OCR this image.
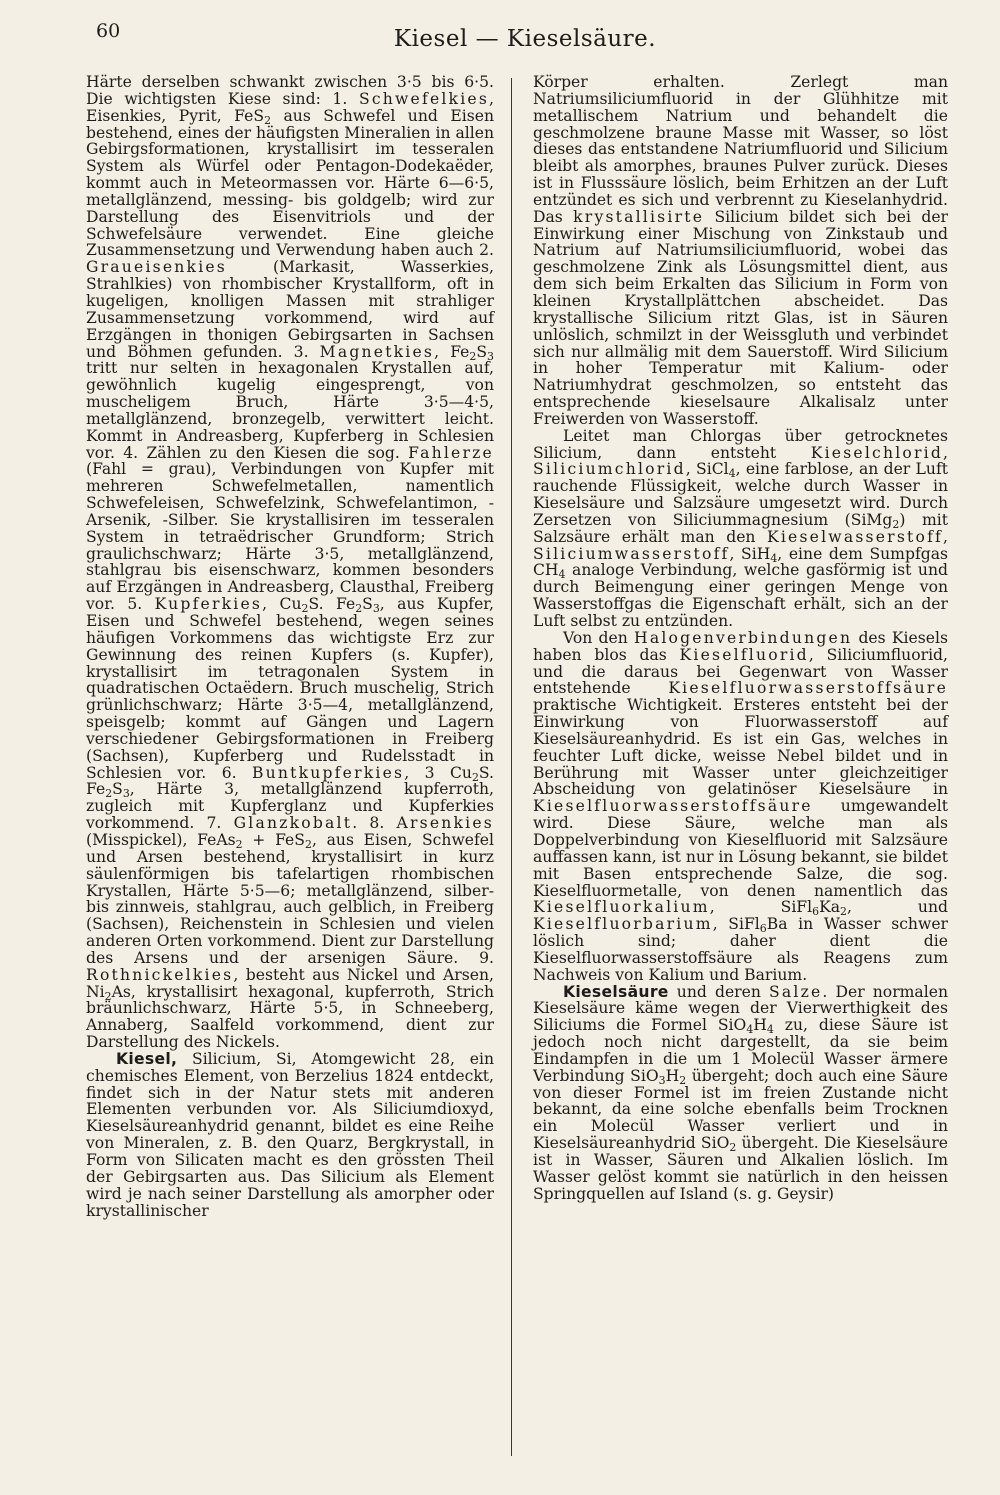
60	Kiesel — Kieselsäure.

Härte derselben schwankt zwischen 3·5 bis 6·5. Die wichtigsten Kiese sind: 1. Schwefelkies, Eisenkies, Pyrit, FeS$_2$ aus Schwefel und Eisen bestehend, eines der häufigsten Mineralien in allen Gebirgsformationen, krystallisirt im tesseralen System als Würfel oder Pentagon-Dodekaëder, kommt auch in Meteormassen vor. Härte 6—6·5, metallglänzend, messing- bis goldgelb; wird zur Darstellung des Eisenvitriols und der Schwefelsäure verwendet. Eine gleiche Zusammensetzung und Verwendung haben auch 2. Graueisenkies (Markasit, Wasserkies, Strahlkies) von rhombischer Krystallform, oft in kugeligen, knolligen Massen mit strahliger Zusammensetzung vorkommend, wird auf Erzgängen in thonigen Gebirgsarten in Sachsen und Böhmen gefunden. 3. Magnetkies, $Fe_2S_3$ tritt nur selten in hexagonalen Krystallen auf, gewöhnlich kugelig eingesprengt, von muscheligem Bruch, Härte 3·5—4·5, metallglänzend, bronzegelb, verwittert leicht. Kommt in Andreasberg, Kupferberg in Schlesien vor. 4. Zählen zu den Kiesen die sog. Fahlerze (Fahl = grau), Verbindungen von Kupfer mit mehreren Schwefelmetallen, namentlich Schwefeleisen, Schwefelzink, Schwefelantimon, -Arsenik, -Silber. Sie krystallisiren im tesseralen System in tetraëdrischer Grundform; Strich graulichschwarz; Härte 3·5, metallglänzend, stahlgrau bis eisenschwarz, kommen besonders auf Erzgängen in Andreasberg, Clausthal, Freiberg vor. 5. Kupferkies, $Cu_2S$. $Fe_2S_3$, aus Kupfer, Eisen und Schwefel bestehend, wegen seines häufigen Vorkommens das wichtigste Erz zur Gewinnung des reinen Kupfers (s. Kupfer), krystallisirt im tetragonalen System in quadratischen Octaëdern. Bruch muschelig, Strich grünlichschwarz; Härte 3·5—4, metallglänzend, speisgelb; kommt auf Gängen und Lagern verschiedener Gebirgsformationen in Freiberg (Sachsen), Kupferberg und Rudelsstadt in Schlesien vor. 6. Buntkupferkies, 3 $Cu_2S$. $Fe_2S_3$, Härte 3, metallglänzend kupferroth, zugleich mit Kupferglanz und Kupferkies vorkommend. 7. Glanzkobalt. 8. Arsenkies (Misspickel), FeAs$_2$ + FeS$_2$, aus Eisen, Schwefel und Arsen bestehend, krystallisirt in kurz säulenförmigen bis tafelartigen rhombischen Krystallen, Härte 5·5—6; metallglänzend, silber- bis zinnweis, stahlgrau, auch gelblich, in Freiberg (Sachsen), Reichenstein in Schlesien und vielen anderen Orten vorkommend. Dient zur Darstellung des Arsens und der arsenigen Säure. 9. Rothnickelkies, besteht aus Nickel und Arsen, $Ni_2As$, krystallisirt hexagonal, kupferroth, Strich bräunlichschwarz, Härte 5·5, in Schneeberg, Annaberg, Saalfeld vorkommend, dient zur Darstellung des Nickels.

Kiesel, Silicium, Si, Atomgewicht 28, ein chemisches Element, von Berzelius 1824 entdeckt, findet sich in der Natur stets mit anderen Elementen verbunden vor. Als Siliciumdioxyd, Kieselsäureanhydrid genannt, bildet es eine Reihe von Mineralen, z. B. den Quarz, Bergkrystall, in Form von Silicaten macht es den grössten Theil der Gebirgsarten aus. Das Silicium als Element wird je nach seiner Darstellung als amorpher oder krystallinischer

Körper erhalten. Zerlegt man Natriumsiliciumfluorid in der Glühhitze mit metallischem Natrium und behandelt die geschmolzene braune Masse mit Wasser, so löst dieses das entstandene Natriumfluorid und Silicium bleibt als amorphes, braunes Pulver zurück. Dieses ist in Flusssäure löslich, beim Erhitzen an der Luft entzündet es sich und verbrennt zu Kieselanhydrid. Das krystallisirte Silicium bildet sich bei der Einwirkung einer Mischung von Zinkstaub und Natrium auf Natriumsiliciumfluorid, wobei das geschmolzene Zink als Lösungsmittel dient, aus dem sich beim Erkalten das Silicium in Form von kleinen Krystallplättchen abscheidet. Das krystallische Silicium ritzt Glas, ist in Säuren unlöslich, schmilzt in der Weissgluth und verbindet sich nur allmälig mit dem Sauerstoff. Wird Silicium in hoher Temperatur mit Kalium- oder Natriumhydrat geschmolzen, so entsteht das entsprechende kieselsaure Alkalisalz unter Freiwerden von Wasserstoff.

Leitet man Chlorgas über getrocknetes Silicium, dann entsteht Kieselchlorid, Siliciumchlorid, SiCl$_4$, eine farblose, an der Luft rauchende Flüssigkeit, welche durch Wasser in Kieselsäure und Salzsäure umgesetzt wird. Durch Zersetzen von Siliciummagnesium (SiMg$_2$) mit Salzsäure erhält man den Kieselwasserstoff, Siliciumwasserstoff, SiH$_4$, eine dem Sumpfgas $CH_4$ analoge Verbindung, welche gasförmig ist und durch Beimengung einer geringen Menge von Wasserstoffgas die Eigenschaft erhält, sich an der Luft selbst zu entzünden.

Von den Halogenverbindungen des Kiesels haben blos das Kieselfluorid, Siliciumfluorid, und die daraus bei Gegenwart von Wasser entstehende Kieselfluorwasserstoffsäure praktische Wichtigkeit. Ersteres entsteht bei der Einwirkung von Fluorwasserstoff auf Kieselsäureanhydrid. Es ist ein Gas, welches in feuchter Luft dicke, weisse Nebel bildet und in Berührung mit Wasser unter gleichzeitiger Abscheidung von gelatinöser Kieselsäure in Kieselfluorwasserstoffsäure umgewandelt wird. Diese Säure, welche man als Doppelverbindung von Kieselfluorid mit Salzsäure auffassen kann, ist nur in Lösung bekannt, sie bildet mit Basen entsprechende Salze, die sog. Kieselfluormetalle, von denen namentlich das Kieselfluorkalium, $SiFl_6Ka_2$, und Kieselfluorbarium, SiFl$_6$Ba in Wasser schwer löslich sind; daher dient die Kieselfluorwasserstoffsäure als Reagens zum Nachweis von Kalium und Barium.

Kieselsäure und deren Salze. Der normalen Kieselsäure käme wegen der Vierwerthigkeit des Siliciums die Formel $SiO_4H_4$ zu, diese Säure ist jedoch noch nicht dargestellt, da sie beim Eindampfen in die um 1 Molecül Wasser ärmere Verbindung $SiO_3H_2$ übergeht; doch auch eine Säure von dieser Formel ist im freien Zustande nicht bekannt, da eine solche ebenfalls beim Trocknen ein Molecül Wasser verliert und in Kieselsäureanhydrid SiO$_2$ übergeht. Die Kieselsäure ist in Wasser, Säuren und Alkalien löslich. Im Wasser gelöst kommt sie natürlich in den heissen Springquellen auf Island (s. g. Geysir)
